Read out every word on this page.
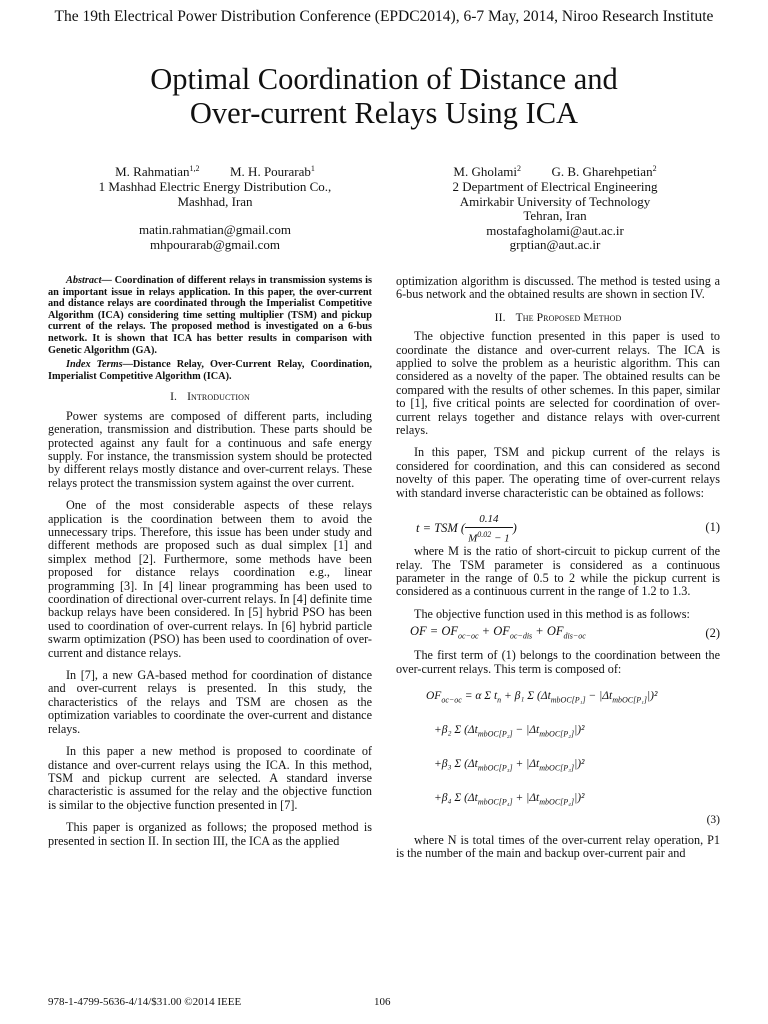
The 19th Electrical Power Distribution Conference (EPDC2014), 6-7 May, 2014, Niroo Research Institute
Optimal Coordination of Distance and
Over-current Relays Using ICA
M. Rahmatian$^{1,2}$ M. H. Pourarab$^1$
1 Mashhad Electric Energy Distribution Co.,
Mashhad, Iran
matin.rahmatian@gmail.com
mhpourarab@gmail.com
M. Gholami$^2$ G. B. Gharehpetian$^2$
2 Department of Electrical Engineering
Amirkabir University of Technology
Tehran, Iran
mostafagholami@aut.ac.ir
grptian@aut.ac.ir
Abstract— Coordination of different relays in transmission systems is an important issue in relays application. In this paper, the over-current and distance relays are coordinated through the Imperialist Competitive Algorithm (ICA) considering time setting multiplier (TSM) and pickup current of the relays. The proposed method is investigated on a 6-bus network. It is shown that ICA has better results in comparison with Genetic Algorithm (GA).
Index Terms—Distance Relay, Over-Current Relay, Coordination, Imperialist Competitive Algorithm (ICA).
I. Introduction

Power systems are composed of different parts, including generation, transmission and distribution. These parts should be protected against any fault for a continuous and safe energy supply. For instance, the transmission system should be protected by different relays mostly distance and over-current relays. These relays protect the transmission system against the over current.

One of the most considerable aspects of these relays application is the coordination between them to avoid the unnecessary trips. Therefore, this issue has been under study and different methods are proposed such as dual simplex [1] and simplex method [2]. Furthermore, some methods have been proposed for distance relays coordination e.g., linear programming [3]. In [4] linear programming has been used to coordination of directional over-current relays. In [4] definite time backup relays have been considered. In [5] hybrid PSO has been used to coordination of over-current relays. In [6] hybrid particle swarm optimization (PSO) has been used to coordination of over-current and distance relays.

In [7], a new GA-based method for coordination of distance and over-current relays is presented. In this study, the characteristics of the relays and TSM are chosen as the optimization variables to coordinate the over-current and distance relays.

In this paper a new method is proposed to coordinate of distance and over-current relays using the ICA. In this method, TSM and pickup current are selected. A standard inverse characteristic is assumed for the relay and the objective function is similar to the objective function presented in [7].

This paper is organized as follows; the proposed method is presented in section II. In section III, the ICA as the applied

optimization algorithm is discussed. The method is tested using a 6-bus network and the obtained results are shown in section IV.

II. The Proposed Method

The objective function presented in this paper is used to coordinate the distance and over-current relays. The ICA is applied to solve the problem as a heuristic algorithm. This can considered as a novelty of the paper. The obtained results can be compared with the results of other schemes. In this paper, similar to [1], five critical points are selected for coordination of over-current relays together and distance relays with over-current relays.

In this paper, TSM and pickup current of the relays is considered for coordination, and this can considered as second novelty of this paper. The operating time of over-current relays with standard inverse characteristic can be obtained as follows:

t = TSM ( $\frac{0.14}{M^{0.02} - 1}$ )	(1)

where M is the ratio of short-circuit to pickup current of the relay. The TSM parameter is considered as a continuous parameter in the range of 0.5 to 2 while the pickup current is considered as a continuous current in the range of 1.2 to 1.3.

The objective function used in this method is as follows:

OF = $OF_{oc-oc} + OF_{oc-dis} + OF_{dis-oc}$	(2)

The first term of (1) belongs to the coordination between the over-current relays. This term is composed of:

$OF_{oc-oc} = \alpha$ Σ $t_n + \beta_1$ Σ $(\Delta t_{mbOC[P_1]} - |\Delta t_{mbOC[P_1]}|)^2$
+β₂ Σ $(\Delta t_{mbOC[P_2]} - |\Delta t_{mbOC[P_2]}|)^2$
+β₃ Σ $(\Delta t_{mbOC[P_3]} + |\Delta t_{mbOC[P_3]}|)^2$
+β₄ Σ $(\Delta t_{mbOC[P_4]} + |\Delta t_{mbOC[P_4]}|)^2$
(3)

where N is total times of the over-current relay operation, P1 is the number of the main and backup over-current pair and

978-1-4799-5636-4/14/$31.00 ©2014 IEEE	106
